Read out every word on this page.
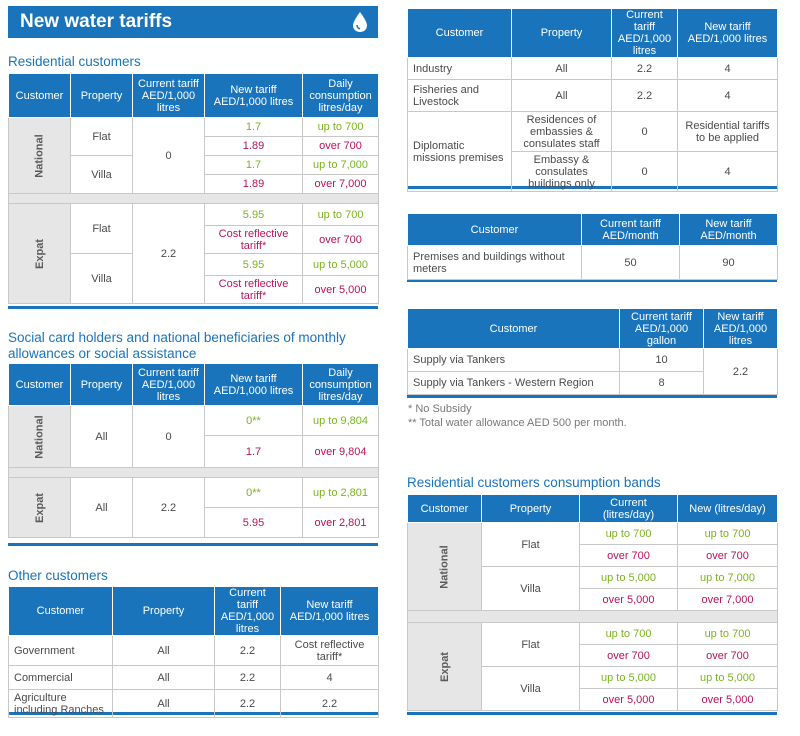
New water tariffs
Residential customers
Customer	Property	Current tariff AED/1,000 litres	New tariff AED/1,000 litres	Daily consumption litres/day
National	Flat	0	1.7	up to 700
			1.89	over 700
	Villa		1.7	up to 7,000
			1.89	over 7,000

Expat	Flat	2.2	5.95	up to 700
			Cost reflective tariff*	over 700
	Villa		5.95	up to 5,000
			Cost reflective tariff*	over 5,000
Social card holders and national beneficiaries of monthly allowances or social assistance
Customer	Property	Current tariff AED/1,000 litres	New tariff AED/1,000 litres	Daily consumption litres/day
National	All	0	0**	up to 9,804
			1.7	over 9,804

Expat	All	2.2	0**	up to 2,801
			5.95	over 2,801
Other customers
Customer	Property	Current tariff AED/1,000 litres	New tariff AED/1,000 litres
Government	All	2.2	Cost reflective tariff*
Commercial	All	2.2	4
Agriculture including Ranches	All	2.2	2.2
Customer	Property	Current tariff AED/1,000 litres	New tariff AED/1,000 litres
Industry	All	2.2	4
Fisheries and Livestock	All	2.2	4
Diplomatic missions premises	Residences of embassies & consulates staff	0	Residential tariffs to be applied
	Embassy & consulates buildings only	0	4
Customer	Current tariff AED/month	New tariff AED/month
Premises and buildings without meters	50	90
Customer	Current tariff AED/1,000 gallon	New tariff AED/1,000 litres
Supply via Tankers	10	2.2
Supply via Tankers - Western Region	8	
* No Subsidy
** Total water allowance AED 500 per month.
Residential customers consumption bands
Customer	Property	Current (litres/day)	New (litres/day)
National	Flat	up to 700	up to 700
		over 700	over 700
	Villa	up to 5,000	up to 7,000
		over 5,000	over 7,000

Expat	Flat	up to 700	up to 700
		over 700	over 700
	Villa	up to 5,000	up to 5,000
		over 5,000	over 5,000
